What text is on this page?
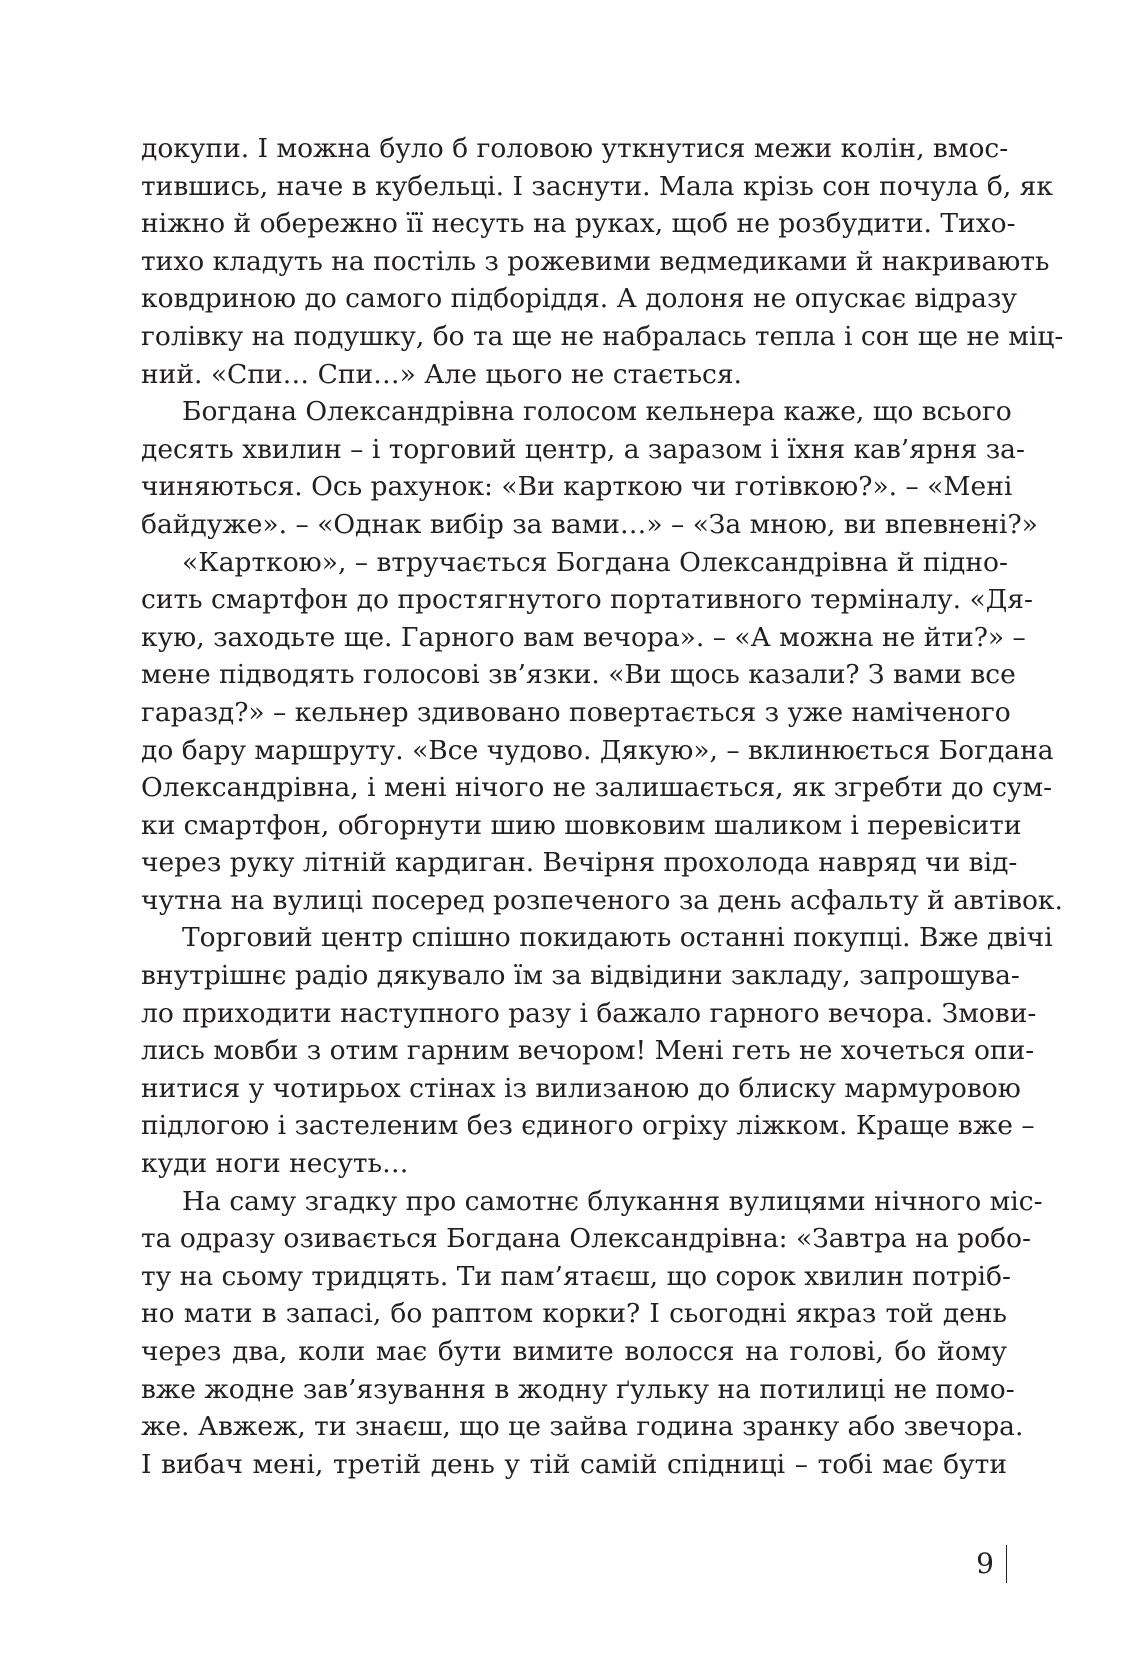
докупи. І можна було б головою уткнутися межи колін, вмос-
тившись, наче в кубельці. І заснути. Мала крізь сон почула б, як
ніжно й обережно її несуть на руках, щоб не розбудити. Тихо-
тихо кладуть на постіль з рожевими ведмедиками й накривають
ковдриною до самого підборіддя. А долоня не опускає відразу
голівку на подушку, бо та ще не набралась тепла і сон ще не міц-
ний. «Спи… Спи…» Але цього не стається.
Богдана Олександрівна голосом кельнера каже, що всього
десять хвилин – і торговий центр, а заразом і їхня кав’ярня за-
чиняються. Ось рахунок: «Ви карткою чи готівкою?». – «Мені
байдуже». – «Однак вибір за вами…» – «За мною, ви впевнені?»
«Карткою», – втручається Богдана Олександрівна й підно-
сить смартфон до простягнутого портативного терміналу. «Дя-
кую, заходьте ще. Гарного вам вечора». – «А можна не йти?» –
мене підводять голосові зв’язки. «Ви щось казали? З вами все
гаразд?» – кельнер здивовано повертається з уже наміченого
до бару маршруту. «Все чудово. Дякую», – вклинюється Богдана
Олександрівна, і мені нічого не залишається, як згребти до сум-
ки смартфон, обгорнути шию шовковим шаликом і перевісити
через руку літній кардиган. Вечірня прохолода навряд чи від-
чутна на вулиці посеред розпеченого за день асфальту й автівок.
Торговий центр спішно покидають останні покупці. Вже двічі
внутрішнє радіо дякувало їм за відвідини закладу, запрошува-
ло приходити наступного разу і бажало гарного вечора. Змови-
лись мовби з отим гарним вечором! Мені геть не хочеться опи-
нитися у чотирьох стінах із вилизаною до блиску мармуровою
підлогою і застеленим без єдиного огріху ліжком. Краще вже –
куди ноги несуть…
На саму згадку про самотнє блукання вулицями нічного міс-
та одразу озивається Богдана Олександрівна: «Завтра на робо-
ту на сьому тридцять. Ти пам’ятаєш, що сорок хвилин потріб-
но мати в запасі, бо раптом корки? І сьогодні якраз той день
через два, коли має бути вимите волосся на голові, бо йому
вже жодне зав’язування в жодну ґульку на потилиці не помо-
же. Авжеж, ти знаєш, що це зайва година зранку або звечора.
І вибач мені, третій день у тій самій спідниці – тобі має бути
9
